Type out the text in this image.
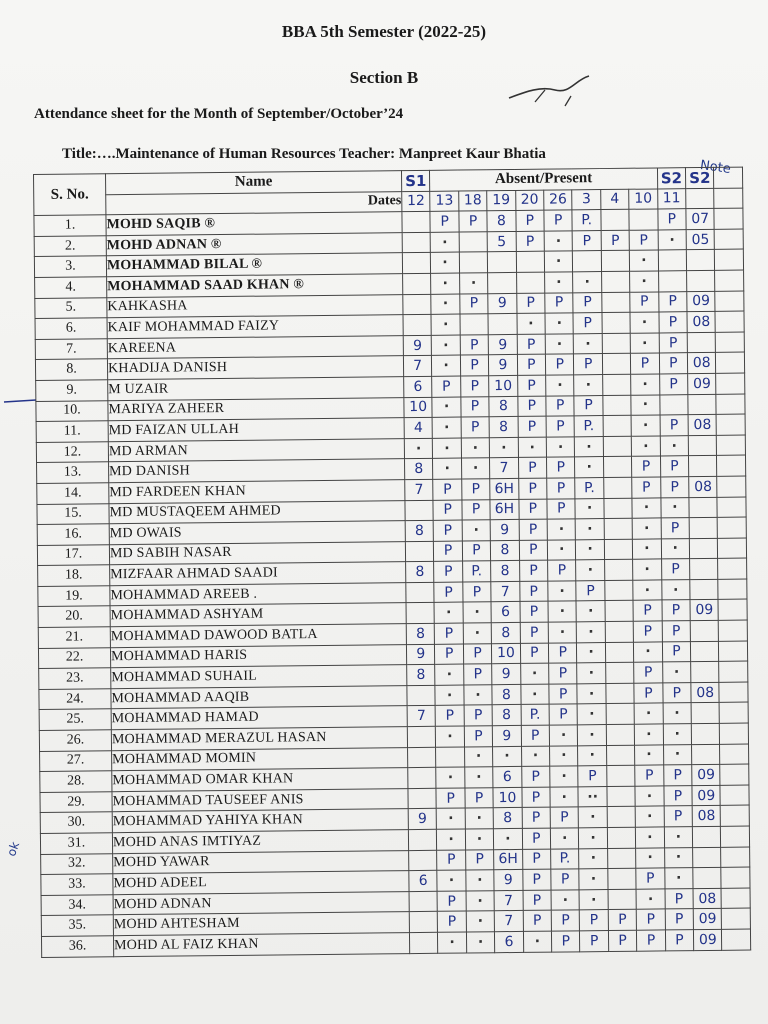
BBA 5th Semester (2022-25)
Section B
Attendance sheet for the Month of September/October’24
Title:….Maintenance of Human Resources Teacher: Manpreet Kaur Bhatia
Note
ok
S. No.	Name	S1	Absent/Present								S2	S2	
	Dates	12	13	18	19	20	26	3	4	10	11		
1.	MOHD SAQIB ®		P	P	8	P	P	P.			P	07	
2.	MOHD ADNAN ®		·		5	P	·	P	P	P	·	05	
3.	MOHAMMAD BILAL ®		·				·			·			
4.	MOHAMMAD SAAD KHAN ®		·	·			·	·		·			
5.	KAHKASHA		·	P	9	P	P	P		P	P	09	
6.	KAIF MOHAMMAD FAIZY		·			·	·	P		·	P	08	
7.	KAREENA	9	·	P	9	P	·	·		·	P		
8.	KHADIJA DANISH	7	·	P	9	P	P	P		P	P	08	
9.	M UZAIR	6	P	P	10	P	·	·		·	P	09	
10.	MARIYA ZAHEER	10	·	P	8	P	P	P		·			
11.	MD FAIZAN ULLAH	4	·	P	8	P	P	P.		·	P	08	
12.	MD ARMAN	·	·	·	·	·	·	·		·	·		
13.	MD DANISH	8	·	·	7	P	P	·		P	P		
14.	MD FARDEEN KHAN	7	P	P	6H	P	P	P.		P	P	08	
15.	MD MUSTAQEEM AHMED		P	P	6H	P	P	·		·	·		
16.	MD OWAIS	8	P	·	9	P	·	·		·	P		
17.	MD SABIH NASAR		P	P	8	P	·	·		·	·		
18.	MIZFAAR AHMAD SAADI	8	P	P.	8	P	P	·		·	P		
19.	MOHAMMAD AREEB .		P	P	7	P	·	P		·	·		
20.	MOHAMMAD ASHYAM		·	·	6	P	·	·		P	P	09	
21.	MOHAMMAD DAWOOD BATLA	8	P	·	8	P	·	·		P	P		
22.	MOHAMMAD HARIS	9	P	P	10	P	P	·		·	P		
23.	MOHAMMAD SUHAIL	8	·	P	9	·	P	·		P	·		
24.	MOHAMMAD AAQIB		·	·	8	·	P	·		P	P	08	
25.	MOHAMMAD HAMAD	7	P	P	8	P.	P	·		·	·		
26.	MOHAMMAD MERAZUL HASAN		·	P	9	P	·	·		·	·		
27.	MOHAMMAD MOMIN			·	·	·	·	·		·	·		
28.	MOHAMMAD OMAR KHAN		·	·	6	P	·	P		P	P	09	
29.	MOHAMMAD TAUSEEF ANIS		P	P	10	P	·	··		·	P	09	
30.	MOHAMMAD YAHIYA KHAN	9	·	·	8	P	P	·		·	P	08	
31.	MOHD ANAS IMTIYAZ		·	·	·	P	·	·		·	·		
32.	MOHD YAWAR		P	P	6H	P	P.	·		·	·		
33.	MOHD ADEEL	6	·	·	9	P	P	·		P	·		
34.	MOHD ADNAN		P	·	7	P	·	·		·	P	08	
35.	MOHD AHTESHAM		P	·	7	P	P	P	P	P	P	09	
36.	MOHD AL FAIZ KHAN		·	·	6	·	P	P	P	P	P	09	
